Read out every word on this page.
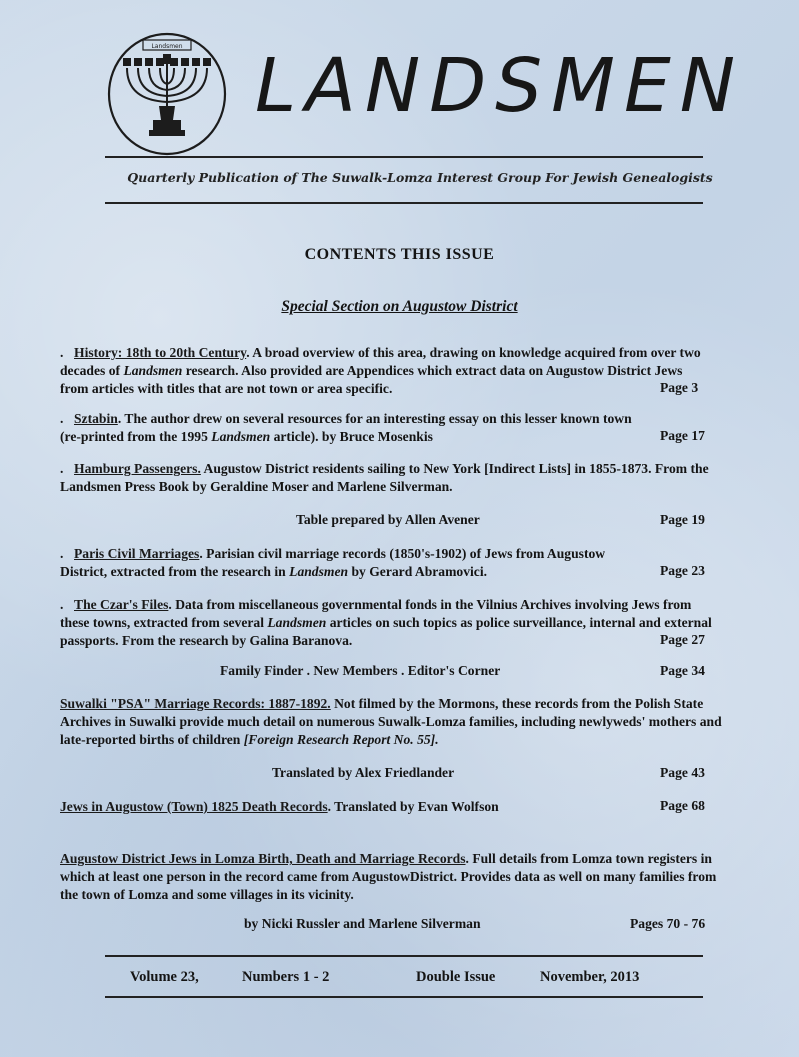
Landsmen LANDSMEN
Quarterly Publication of The Suwalk-Lomza Interest Group For Jewish Genealogists
CONTENTS THIS ISSUE
Special Section on Augustow District
. History: 18th to 20th Century. A broad overview of this area, drawing on knowledge acquired from over two decades of Landsmen research. Also provided are Appendices which extract data on Augustow District Jews from articles with titles that are not town or area specific.	Page 3
. Sztabin. The author drew on several resources for an interesting essay on this lesser known town (re-printed from the 1995 Landsmen article). by Bruce Mosenkis	Page 17
. Hamburg Passengers. Augustow District residents sailing to New York [Indirect Lists] in 1855-1873. From the Landsmen Press Book by Geraldine Moser and Marlene Silverman.
Table prepared by Allen Avener	Page 19
. Paris Civil Marriages. Parisian civil marriage records (1850's-1902) of Jews from Augustow District, extracted from the research in Landsmen by Gerard Abramovici.	Page 23
. The Czar's Files. Data from miscellaneous governmental fonds in the Vilnius Archives involving Jews from these towns, extracted from several Landsmen articles on such topics as police surveillance, internal and external passports. From the research by Galina Baranova.	Page 27
Family Finder . New Members . Editor's Corner	Page 34
Suwalki "PSA" Marriage Records: 1887-1892. Not filmed by the Mormons, these records from the Polish State Archives in Suwalki provide much detail on numerous Suwalk-Lomza families, including newlyweds' mothers and late-reported births of children [Foreign Research Report No. 55].
Translated by Alex Friedlander	Page 43
Jews in Augustow (Town) 1825 Death Records. Translated by Evan Wolfson	Page 68
Augustow District Jews in Lomza Birth, Death and Marriage Records. Full details from Lomza town registers in which at least one person in the record came from AugustowDistrict. Provides data as well on many families from the town of Lomza and some villages in its vicinity.
by Nicki Russler and Marlene Silverman	Pages 70 - 76
Volume 23,	Numbers 1 - 2	Double Issue	November, 2013
